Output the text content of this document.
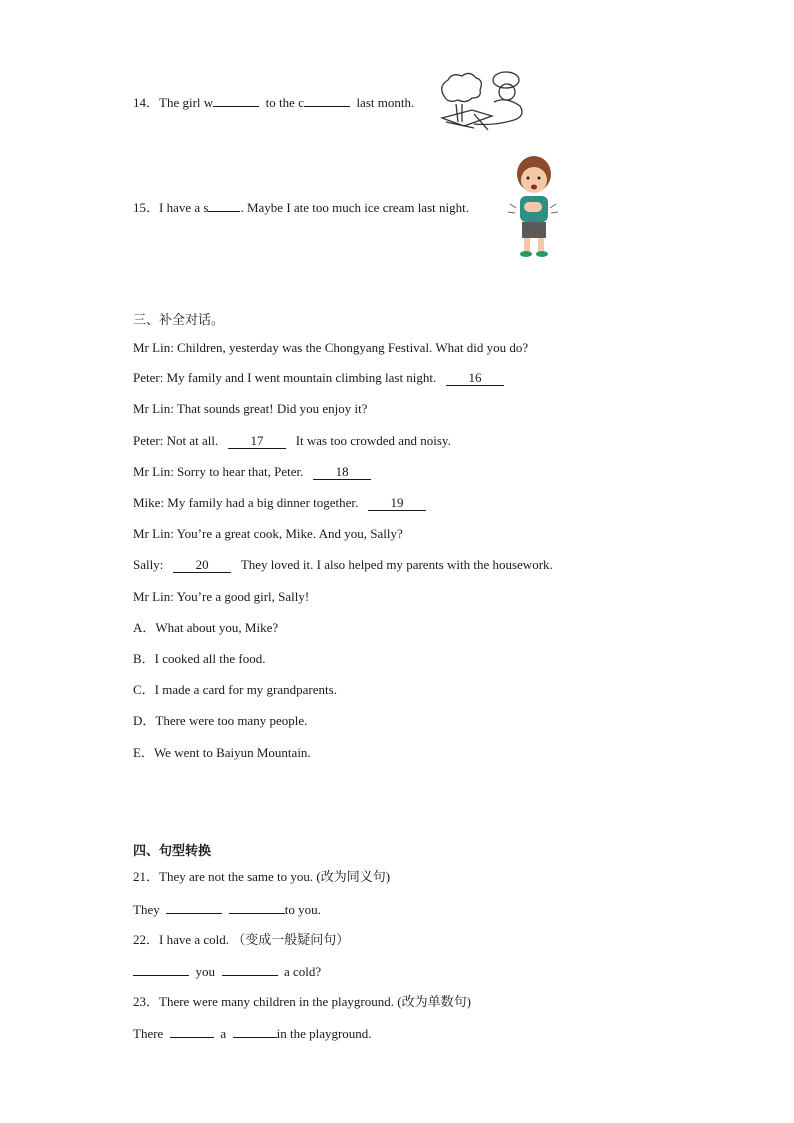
14．The girl w	to the c	last month.
15．I have a s . Maybe I ate too much ice cream last night.
三、补全对话。
Mr Lin: Children, yesterday was the Chongyang Festival. What did you do?
Peter: My family and I went mountain climbing last night. 16
Mr Lin: That sounds great! Did you enjoy it?
Peter: Not at all. 17 It was too crowded and noisy.
Mr Lin: Sorry to hear that, Peter. 18
Mike: My family had a big dinner together. 19
Mr Lin: You’re a great cook, Mike. And you, Sally?
Sally: 20 They loved it. I also helped my parents with the housework.
Mr Lin: You’re a good girl, Sally!
A．What about you, Mike?
B．I cooked all the food.
C．I made a card for my grandparents.
D．There were too many people.
E．We went to Baiyun Mountain.
四、句型转换
21．They are not the same to you. (改为同义句)
They	to you.
22．I have a cold. （变成一般疑问句）
you	a cold?
23．There were many children in the playground. (改为单数句)
There	a	in the playground.
